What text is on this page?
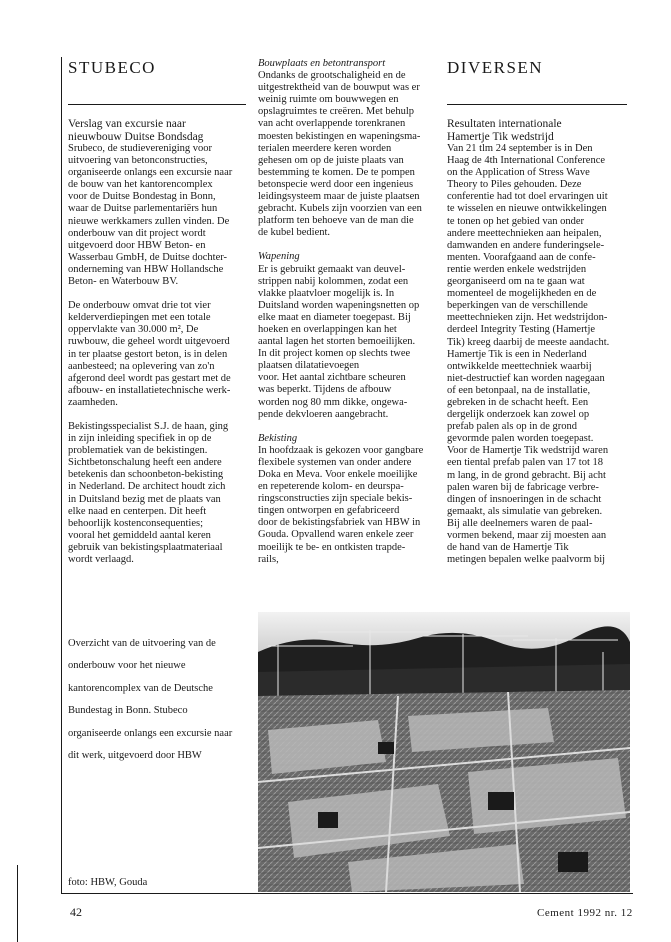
STUBECO

Verslag van excursie naar

nieuwbouw Duitse Bondsdag

Srubeco, de studievereniging voor

uitvoering van betonconstructies,

organiseerde onlangs een excursie naar

de bouw van het kantorencomplex

voor de Duitse Bondestag in Bonn,

waar de Duitse parlementariërs hun

nieuwe werkkamers zullen vinden. De

onderbouw van dit project wordt

uitgevoerd door HBW Beton- en

Wasserbau GmbH, de Duitse dochter-

onderneming van HBW Hollandsche

Beton- en Waterbouw BV.

De onderbouw omvat drie tot vier

kelderverdiepingen met een totale

oppervlakte van 30.000 m², De

ruwbouw, die geheel wordt uitgevoerd

in ter plaatse gestort beton, is in delen

aanbesteed; na oplevering van zo'n

afgerond deel wordt pas gestart met de

afbouw- en installatietechnische werk-

zaamheden.

Bekistingsspecialist S.J. de haan, ging

in zijn inleiding specifiek in op de

problematiek van de bekistingen.

Sichtbetonschalung heeft een andere

betekenis dan schoonbeton-bekisting

in Nederland. De architect houdt zich

in Duitsland bezig met de plaats van

elke naad en centerpen. Dit heeft

behoorlijk kostenconsequenties;

vooral het gemiddeld aantal keren

gebruik van bekistingsplaatmateriaal

wordt verlaagd.

Overzicht van de uitvoering van de

onderbouw voor het nieuwe

kantorencomplex van de Deutsche

Bundestag in Bonn. Stubeco

organiseerde onlangs een excursie naar

dit werk, uitgevoerd door HBW

foto: HBW, Gouda

Bouwplaats en betontransport

Ondanks de grootschaligheid en de

uitgestrektheid van de bouwput was er

weinig ruimte om bouwwegen en

opslagruimtes te creëren. Met behulp

van acht overlappende torenkranen

moesten bekistingen en wapeningsma-

terialen meerdere keren worden

gehesen om op de juiste plaats van

bestemming te komen. De te pompen

betonspecie werd door een ingenieus

leidingsysteem maar de juiste plaatsen

gebracht. Kubels zijn voorzien van een

platform ten behoeve van de man die

de kubel bedient.

Wapening

Er is gebruikt gemaakt van deuvel-

strippen nabij kolommen, zodat een

vlakke plaatvloer mogelijk is. In

Duitsland worden wapeningsnetten op

elke maat en diameter toegepast. Bij

hoeken en overlappingen kan het

aantal lagen het storten bemoeilijken.

In dit project komen op slechts twee

plaatsen dilatatievoegen

voor. Het aantal zichtbare scheuren

was beperkt. Tijdens de afbouw

worden nog 80 mm dikke, ongewa-

pende dekvloeren aangebracht.

Bekisting

In hoofdzaak is gekozen voor gangbare

flexibele systemen van onder andere

Doka en Meva. Voor enkele moeilijke

en repeterende kolom- en deurspa-

ringsconstructies zijn speciale bekis-

tingen ontworpen en gefabriceerd

door de bekistingsfabriek van HBW in

Gouda. Opvallend waren enkele zeer

moeilijk te be- en ontkisten trapde-

rails,

DIVERSEN

Resultaten internationale

Hamertje Tik wedstrijd

Van 21 tlm 24 september is in Den

Haag de 4th International Conference

on the Application of Stress Wave

Theory to Piles gehouden. Deze

conferentie had tot doel ervaringen uit

te wisselen en nieuwe ontwikkelingen

te tonen op het gebied van onder

andere meettechnieken aan heipalen,

damwanden en andere funderingsele-

menten. Voorafgaand aan de confe-

rentie werden enkele wedstrijden

georganiseerd om na te gaan wat

momenteel de mogelijkheden en de

beperkingen van de verschillende

meettechnieken zijn. Het wedstrijdon-

derdeel Integrity Testing (Hamertje

Tik) kreeg daarbij de meeste aandacht.

Hamertje Tik is een in Nederland

ontwikkelde meettechniek waarbij

niet-destructief kan worden nagegaan

of een betonpaal, na de installatie,

gebreken in de schacht heeft. Een

dergelijk onderzoek kan zowel op

prefab palen als op in de grond

gevormde palen worden toegepast.

Voor de Hamertje Tik wedstrijd waren

een tiental prefab palen van 17 tot 18

m lang, in de grond gebracht. Bij acht

palen waren bij de fabricage verbre-

dingen of insnoeringen in de schacht

gemaakt, als simulatie van gebreken.

Bij alle deelnemers waren de paal-

vormen bekend, maar zij moesten aan

de hand van de Hamertje Tik

metingen bepalen welke paalvorm bij

42	Cement 1992 nr. 12
